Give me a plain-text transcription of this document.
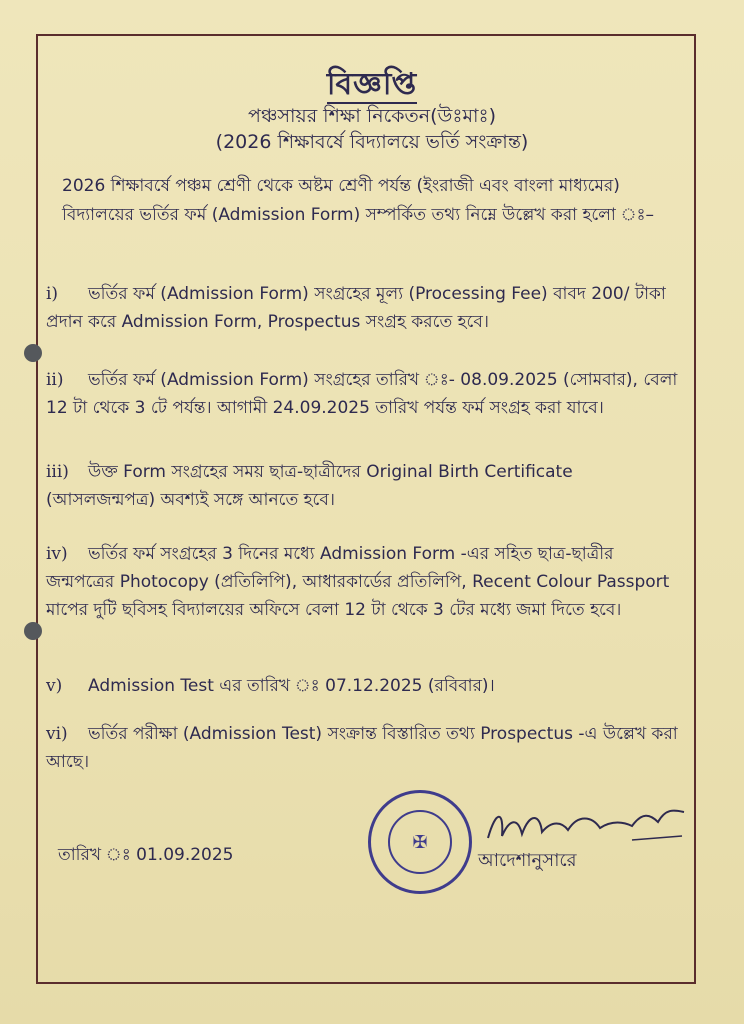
বিজ্ঞপ্তি
পঞ্চসায়র শিক্ষা নিকেতন(উঃমাঃ)
(2026 শিক্ষাবর্ষে বিদ্যালয়ে ভর্তি সংক্রান্ত)
2026 শিক্ষাবর্ষে পঞ্চম শ্রেণী থেকে অষ্টম শ্রেণী পর্যন্ত (ইংরাজী এবং বাংলা মাধ্যমের) বিদ্যালয়ের ভর্তির ফর্ম (Admission Form) সম্পর্কিত তথ্য নিম্নে উল্লেখ করা হলো ঃ–
i) ভর্তির ফর্ম (Admission Form) সংগ্রহের মূল্য (Processing Fee) বাবদ 200/ টাকা প্রদান করে Admission Form, Prospectus সংগ্রহ করতে হবে।
ii) ভর্তির ফর্ম (Admission Form) সংগ্রহের তারিখ ঃ- 08.09.2025 (সোমবার), বেলা 12 টা থেকে 3 টে পর্যন্ত। আগামী 24.09.2025 তারিখ পর্যন্ত ফর্ম সংগ্রহ করা যাবে।
iii) উক্ত Form সংগ্রহের সময় ছাত্র-ছাত্রীদের Original Birth Certificate (আসলজন্মপত্র) অবশ্যই সঙ্গে আনতে হবে।
iv) ভর্তির ফর্ম সংগ্রহের 3 দিনের মধ্যে Admission Form -এর সহিত ছাত্র-ছাত্রীর জন্মপত্রের Photocopy (প্রতিলিপি), আধারকার্ডের প্রতিলিপি, Recent Colour Passport মাপের দুটি ছবিসহ বিদ্যালয়ের অফিসে বেলা 12 টা থেকে 3 টের মধ্যে জমা দিতে হবে।
v) Admission Test এর তারিখ ঃ 07.12.2025 (রবিবার)।
vi) ভর্তির পরীক্ষা (Admission Test) সংক্রান্ত বিস্তারিত তথ্য Prospectus -এ উল্লেখ করা আছে।
তারিখ ঃ 01.09.2025
✠
আদেশানুসারে
